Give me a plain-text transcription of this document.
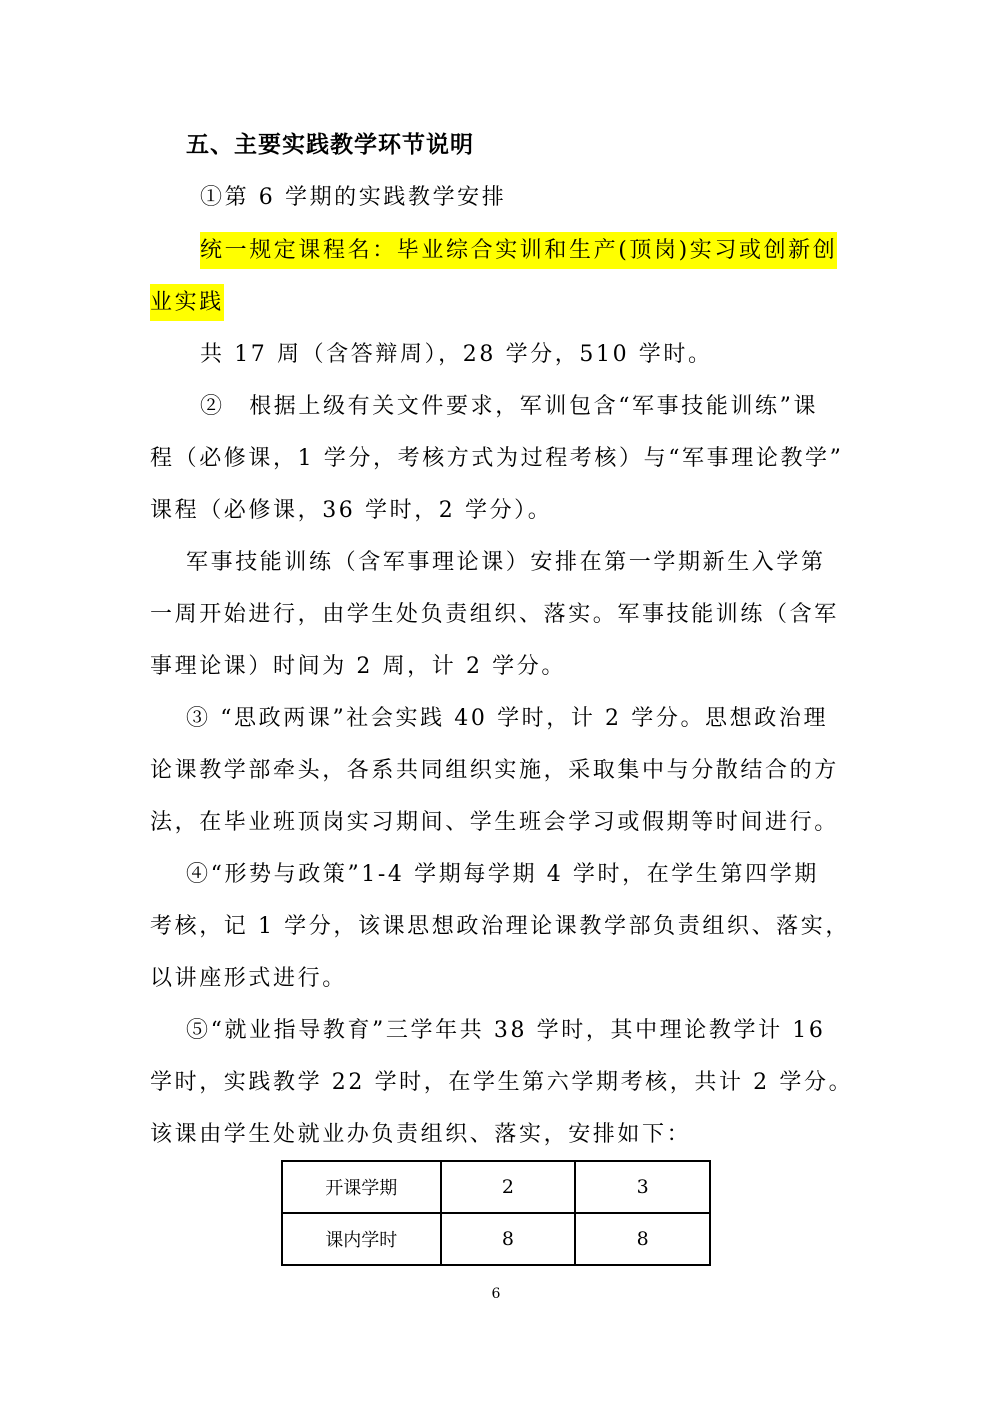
五、主要实践教学环节说明
①第 6 学期的实践教学安排
统一规定课程名：毕业综合实训和生产(顶岗)实习或创新创
业实践
共 17 周（含答辩周），28 学分，510 学时。
②　根据上级有关文件要求，军训包含“军事技能训练”课
程（必修课，1 学分，考核方式为过程考核）与“军事理论教学”
课程（必修课，36 学时，2 学分）。
军事技能训练（含军事理论课）安排在第一学期新生入学第
一周开始进行，由学生处负责组织、落实。军事技能训练（含军
事理论课）时间为 2 周，计 2 学分。
③ “思政两课”社会实践 40 学时，计 2 学分。思想政治理
论课教学部牵头，各系共同组织实施，采取集中与分散结合的方
法，在毕业班顶岗实习期间、学生班会学习或假期等时间进行。
④“形势与政策”1-4 学期每学期 4 学时，在学生第四学期
考核，记 1 学分，该课思想政治理论课教学部负责组织、落实，
以讲座形式进行。
⑤“就业指导教育”三学年共 38 学时，其中理论教学计 16
学时，实践教学 22 学时，在学生第六学期考核，共计 2 学分。
该课由学生处就业办负责组织、落实，安排如下：
开课学期	2	3
课内学时	8	8
6
